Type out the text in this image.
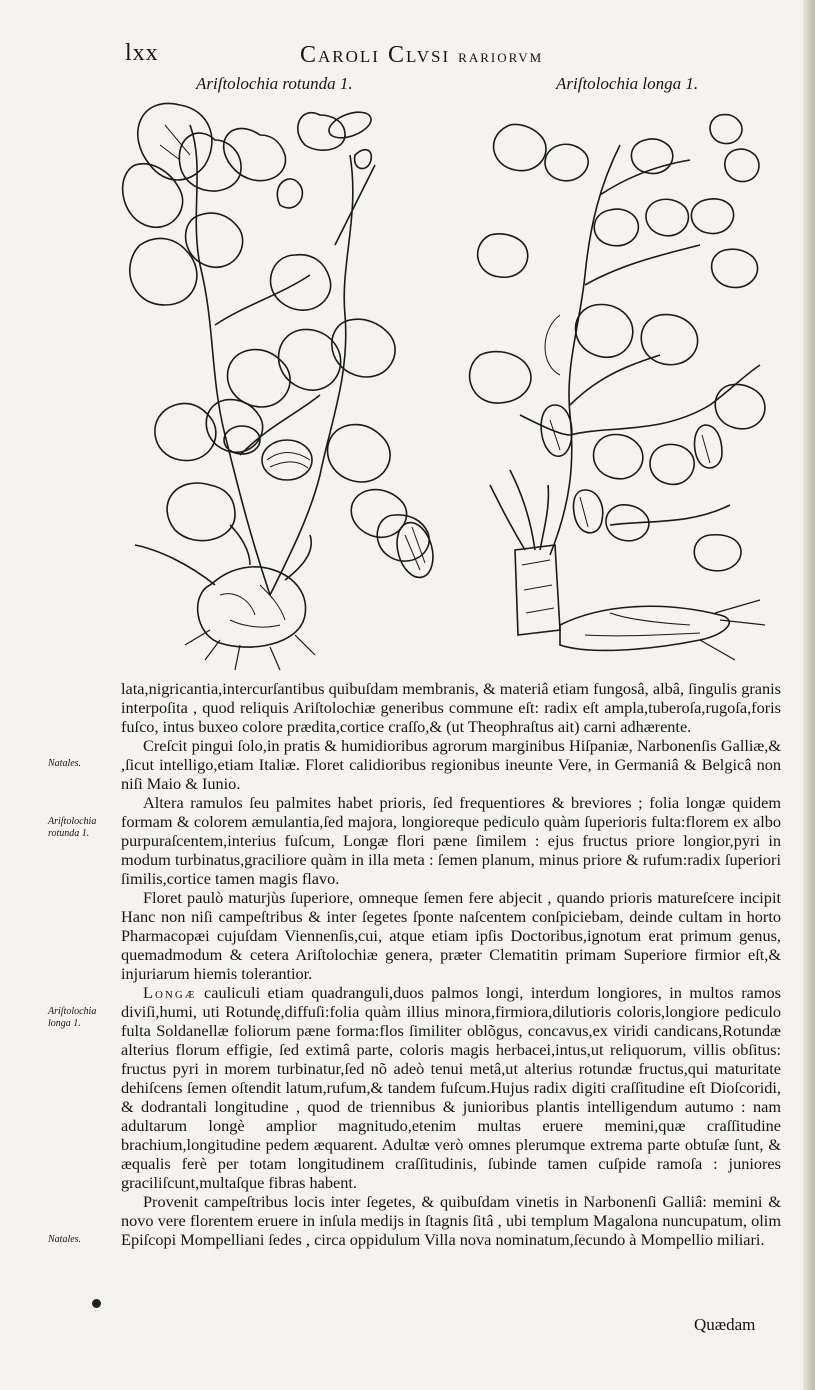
lxx	Caroli Clvsi rariorvm
Ariſtolochia rotunda 1.	Ariſtolochia longa 1.
Natales.
Ariſtolochia rotunda 1.
Ariſtolochia longa 1.
Natales.

lata,nigricantia,intercurſantibus quibuſdam membranis, & materiâ etiam fungosâ, albâ, ſingulis granis interpoſita , quod reliquis Ariſtolochiæ generibus commune eſt: radix eſt ampla,tuberoſa,rugoſa,foris fuſco, intus buxeo colore prædita,cortice craſſo,& (ut Theophraſtus ait) carni adhærente.

Creſcit pingui ſolo,in pratis & humidioribus agrorum marginibus Hiſpaniæ, Narbonenſis Galliæ,& ,ſicut intelligo,etiam Italiæ. Floret calidioribus regionibus ineunte Vere, in Germaniâ & Belgicâ non niſi Maio & Iunio.

Altera ramulos ſeu palmites habet prioris, ſed frequentiores & breviores ; folia longæ quidem formam & colorem æmulantia,ſed majora, longioreque pediculo quàm ſuperioris fulta:florem ex albo purpuraſcentem,interius fuſcum, Longæ flori pæne ſimilem : ejus fructus priore longior,pyri in modum turbinatus,graciliore quàm in illa meta : ſemen planum, minus priore & rufum:radix ſuperiori ſimilis,cortice tamen magis flavo.

Floret paulò maturjùs ſuperiore, omneque ſemen fere abjecit , quando prioris matureſcere incipit Hanc non niſi campeſtribus & inter ſegetes ſponte naſcentem conſpiciebam, deinde cultam in horto Pharmacopæi cujuſdam Viennenſis,cui, atque etiam ipſis Doctoribus,ignotum erat primum genus, quemadmodum & cetera Ariſtolochiæ genera, præter Clematitin primam Superiore firmior eſt,& injuriarum hiemis tolerantior.

Longæ cauliculi etiam quadranguli,duos palmos longi, interdum longiores, in multos ramos diviſi,humi, uti Rotundę,diffuſi:folia quàm illius minora,firmiora,dilutioris coloris,longiore pediculo fulta Soldanellæ foliorum pæne forma:flos ſimiliter oblõgus, concavus,ex viridi candicans,Rotundæ alterius florum effigie, ſed extimâ parte, coloris magis herbacei,intus,ut reliquorum, villis obſitus: fructus pyri in morem turbinatur,ſed nõ adeò tenui metâ,ut alterius rotundæ fructus,qui maturitate dehiſcens ſemen oſtendit latum,rufum,& tandem fuſcum.Hujus radix digiti craſſitudine eſt Dioſcoridi, & dodrantali longitudine , quod de triennibus & junioribus plantis intelligendum autumo : nam adultarum longè amplior magnitudo,etenim multas eruere memini,quæ craſſitudine brachium,longitudine pedem æquarent. Adultæ verò omnes plerumque extrema parte obtuſæ ſunt, & æqualis ferè per totam longitudinem craſſitudinis, ſubinde tamen cuſpide ramoſa : juniores graciliſcunt,multaſque fibras habent.

Provenit campeſtribus locis inter ſegetes, & quibuſdam vinetis in Narbonenſi Galliâ: memini & novo vere florentem eruere in inſula medijs in ſtagnis ſitâ , ubi templum Magalona nuncupatum, olim Epiſcopi Mompelliani ſedes , circa oppidulum Villa nova nominatum,ſecundo à Mompellio miliari.

Quædam
